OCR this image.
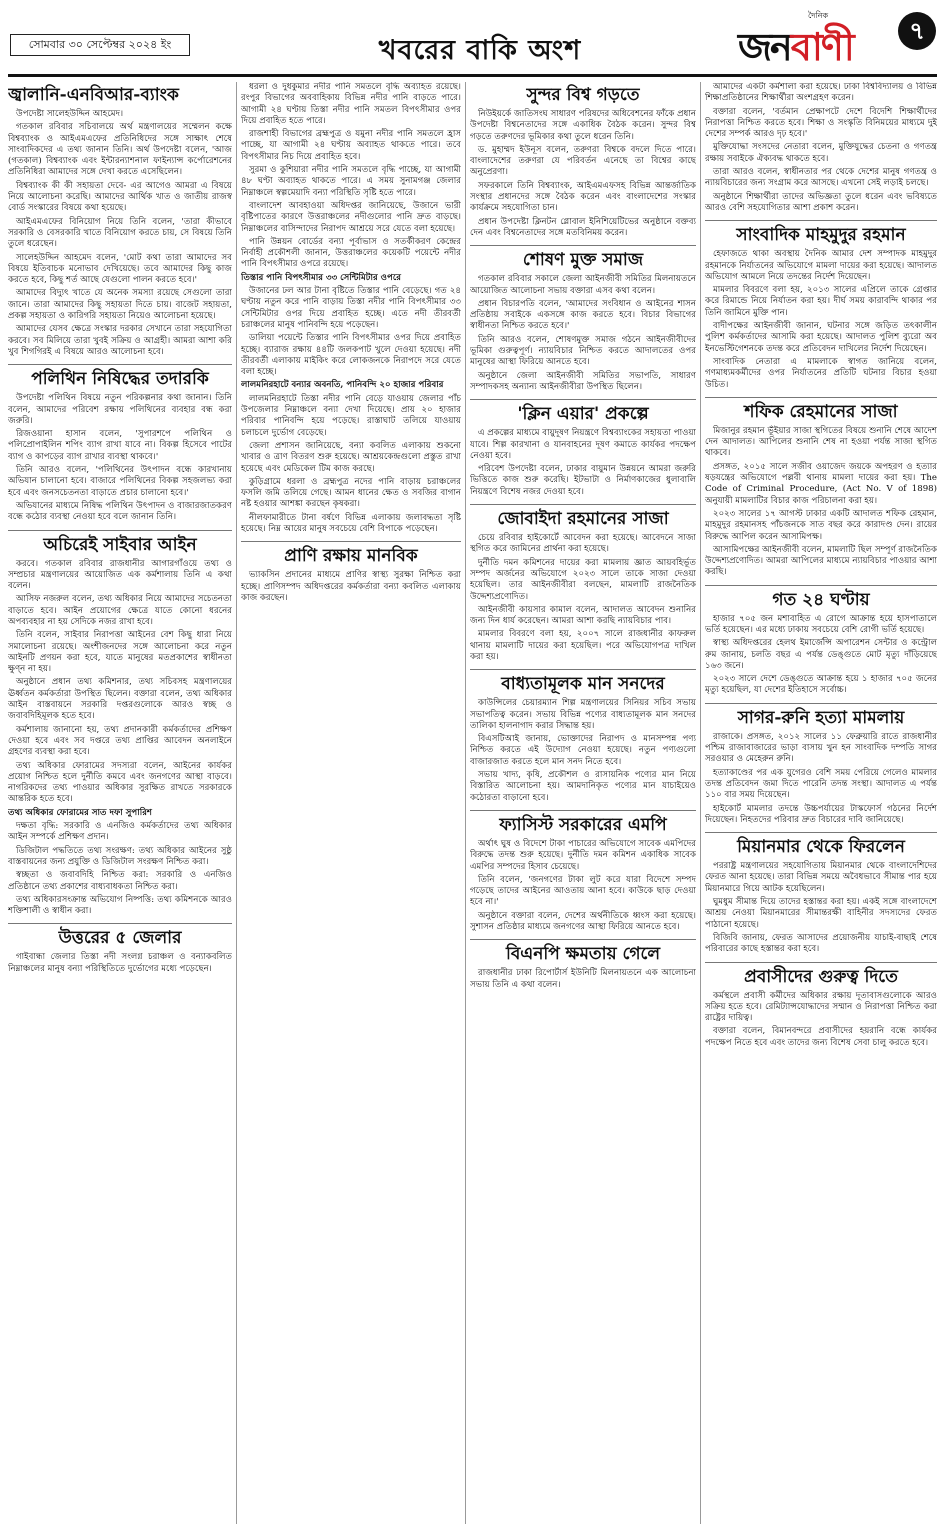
সোমবার ৩০ সেপ্টেম্বর ২০২৪ ইং	খবরের বাকি অংশ
দৈনিক
জনবাণী	৭
জ্বালানি-এনবিআর-ব্যাংক

উপদেষ্টা সালেহউদ্দিন আহমেদ।

গতকাল রবিবার সচিবালয়ে অর্থ মন্ত্রণালয়ের সম্মেলন কক্ষে বিশ্বব্যাংক ও আইএমএফের প্রতিনিধিদের সঙ্গে সাক্ষাৎ শেষে সাংবাদিকদের এ তথ্য জানান তিনি। অর্থ উপদেষ্টা বলেন, 'আজ (গতকাল) বিশ্বব্যাংক এবং ইন্টারন্যাশনাল ফাইন্যান্স কর্পোরেশনের প্রতিনিধিরা আমাদের সঙ্গে দেখা করতে এসেছিলেন।

বিশ্বব্যাংক কী কী সহায়তা দেবে- এর আগেও আমরা এ বিষয়ে নিয়ে আলোচনা করেছি। আমাদের আর্থিক খাত ও জাতীয় রাজস্ব বোর্ড সংস্কারের বিষয়ে কথা হয়েছে।

আইএমএফের বিনিয়োগ নিয়ে তিনি বলেন, 'তারা কীভাবে সরকারি ও বেসরকারি খাতে বিনিয়োগ করতে চায়, সে বিষয়ে তিনি তুলে ধরেছেন।

সালেহউদ্দিন আহমেদ বলেন, 'মোট কথা তারা আমাদের সব বিষয়ে ইতিবাচক মনোভাব দেখিয়েছে। তবে আমাদের কিছু কাজ করতে হবে, কিছু শর্ত আছে যেগুলো পালন করতে হবে।'

আমাদের বিদ্যুৎ খাতে যে অনেক সমস্যা রয়েছে সেগুলো তারা জানে। তারা আমাদের কিছু সহায়তা দিতে চায়। বাজেট সহায়তা, প্রকল্প সহায়তা ও কারিগরি সহায়তা নিয়েও আলোচনা হয়েছে।

আমাদের যেসব ক্ষেত্রে সংস্কার দরকার সেখানে তারা সহযোগিতা করবে। সব মিলিয়ে তারা খুবই সক্রিয় ও আগ্রহী। আমরা আশা করি খুব শিগগিরই এ বিষয়ে আরও আলোচনা হবে।

পলিথিন নিষিদ্ধের তদারকি

উপদেষ্টা পলিথিন বিষয়ে নতুন পরিকল্পনার কথা জানান। তিনি বলেন, আমাদের পরিবেশ রক্ষায় পলিথিনের ব্যবহার বন্ধ করা জরুরি।

রিজওয়ানা হাসান বলেন, 'সুপারশপে পলিথিন ও পলিপ্রোপাইলিন শপিং ব্যাগ রাখা যাবে না। বিকল্প হিসেবে পাটের ব্যাগ ও কাপড়ের ব্যাগ রাখার ব্যবস্থা থাকবে।'

তিনি আরও বলেন, 'পলিথিনের উৎপাদন বন্ধে কারখানায় অভিযান চালানো হবে। বাজারে পলিথিনের বিকল্প সহজলভ্য করা হবে এবং জনসচেতনতা বাড়াতে প্রচার চালানো হবে।'

অভিযানের মাধ্যমে নিষিদ্ধ পলিথিন উৎপাদন ও বাজারজাতকরণ বন্ধে কঠোর ব্যবস্থা নেওয়া হবে বলে জানান তিনি।

অচিরেই সাইবার আইন

করবে। গতকাল রবিবার রাজধানীর আগারগাঁওয়ে তথ্য ও সম্প্রচার মন্ত্রণালয়ের আয়োজিত এক কর্মশালায় তিনি এ কথা বলেন।

আসিফ নজরুল বলেন, তথ্য অধিকার নিয়ে আমাদের সচেতনতা বাড়াতে হবে। আইন প্রয়োগের ক্ষেত্রে যাতে কোনো ধরনের অপব্যবহার না হয় সেদিকে নজর রাখা হবে।

তিনি বলেন, সাইবার নিরাপত্তা আইনের বেশ কিছু ধারা নিয়ে সমালোচনা রয়েছে। অংশীজনদের সঙ্গে আলোচনা করে নতুন আইনটি প্রণয়ন করা হবে, যাতে মানুষের মতপ্রকাশের স্বাধীনতা ক্ষুণ্ন না হয়।

অনুষ্ঠানে প্রধান তথ্য কমিশনার, তথ্য সচিবসহ মন্ত্রণালয়ের ঊর্ধ্বতন কর্মকর্তারা উপস্থিত ছিলেন। বক্তারা বলেন, তথ্য অধিকার আইন বাস্তবায়নে সরকারি দপ্তরগুলোকে আরও স্বচ্ছ ও জবাবদিহিমূলক হতে হবে।

কর্মশালায় জানানো হয়, তথ্য প্রদানকারী কর্মকর্তাদের প্রশিক্ষণ দেওয়া হবে এবং সব দপ্তরে তথ্য প্রাপ্তির আবেদন অনলাইনে গ্রহণের ব্যবস্থা করা হবে।

তথ্য অধিকার ফোরামের সদস্যরা বলেন, আইনের কার্যকর প্রয়োগ নিশ্চিত হলে দুর্নীতি কমবে এবং জনগণের আস্থা বাড়বে। নাগরিকদের তথ্য পাওয়ার অধিকার সুরক্ষিত রাখতে সরকারকে আন্তরিক হতে হবে।

তথ্য অধিকার ফোরামের সাত দফা সুপারিশ

দক্ষতা বৃদ্ধি: সরকারি ও এনজিও কর্মকর্তাদের তথ্য অধিকার আইন সম্পর্কে প্রশিক্ষণ প্রদান।

ডিজিটাল পদ্ধতিতে তথ্য সংরক্ষণ: তথ্য অধিকার আইনের সুষ্ঠু বাস্তবায়নের জন্য প্রযুক্তি ও ডিজিটাল সংরক্ষণ নিশ্চিত করা।

স্বচ্ছতা ও জবাবদিহি নিশ্চিত করা: সরকারি ও এনজিও প্রতিষ্ঠানে তথ্য প্রকাশের বাধ্যবাধকতা নিশ্চিত করা।

তথ্য অধিকারসংক্রান্ত অভিযোগ নিষ্পত্তি: তথ্য কমিশনকে আরও শক্তিশালী ও স্বাধীন করা।

উত্তরের ৫ জেলার

গাইবান্ধা জেলার তিস্তা নদী সংলগ্ন চরাঞ্চল ও বন্যাকবলিত নিম্নাঞ্চলের মানুষ বন্যা পরিস্থিতিতে দুর্ভোগের মধ্যে পড়েছেন।

ধরলা ও দুধকুমার নদীর পানি সমতলে বৃদ্ধি অব্যাহত রয়েছে। রংপুর বিভাগের অববাহিকায় বিভিন্ন নদীর পানি বাড়তে পারে। আগামী ২৪ ঘণ্টায় তিস্তা নদীর পানি সমতল বিপৎসীমার ওপর দিয়ে প্রবাহিত হতে পারে।

রাজশাহী বিভাগের ব্রহ্মপুত্র ও যমুনা নদীর পানি সমতলে হ্রাস পাচ্ছে, যা আগামী ২৪ ঘণ্টায় অব্যাহত থাকতে পারে। তবে বিপৎসীমার নিচ দিয়ে প্রবাহিত হবে।

সুরমা ও কুশিয়ারা নদীর পানি সমতলে বৃদ্ধি পাচ্ছে, যা আগামী ৪৮ ঘণ্টা অব্যাহত থাকতে পারে। এ সময় সুনামগঞ্জ জেলার নিম্নাঞ্চলে স্বল্পমেয়াদি বন্যা পরিস্থিতি সৃষ্টি হতে পারে।

বাংলাদেশ আবহাওয়া অধিদপ্তর জানিয়েছে, উজানে ভারী বৃষ্টিপাতের কারণে উত্তরাঞ্চলের নদীগুলোর পানি দ্রুত বাড়ছে। নিম্নাঞ্চলের বাসিন্দাদের নিরাপদ আশ্রয়ে সরে যেতে বলা হয়েছে।

পানি উন্নয়ন বোর্ডের বন্যা পূর্বাভাস ও সতর্কীকরণ কেন্দ্রের নির্বাহী প্রকৌশলী জানান, উত্তরাঞ্চলের কয়েকটি পয়েন্টে নদীর পানি বিপৎসীমার ওপরে রয়েছে।

তিস্তার পানি বিপৎসীমার ৩৩ সেন্টিমিটার ওপরে

উজানের ঢল আর টানা বৃষ্টিতে তিস্তার পানি বেড়েছে। গত ২৪ ঘণ্টায় নতুন করে পানি বাড়ায় তিস্তা নদীর পানি বিপৎসীমার ৩৩ সেন্টিমিটার ওপর দিয়ে প্রবাহিত হচ্ছে। এতে নদী তীরবর্তী চরাঞ্চলের মানুষ পানিবন্দি হয়ে পড়েছেন।

ডালিয়া পয়েন্টে তিস্তার পানি বিপৎসীমার ওপর দিয়ে প্রবাহিত হচ্ছে। ব্যারাজ রক্ষায় ৪৪টি জলকপাট খুলে দেওয়া হয়েছে। নদী তীরবর্তী এলাকায় মাইকিং করে লোকজনকে নিরাপদে সরে যেতে বলা হচ্ছে।

লালমনিরহাটে বন্যার অবনতি, পানিবন্দি ২০ হাজার পরিবার

লালমনিরহাটে তিস্তা নদীর পানি বেড়ে যাওয়ায় জেলার পাঁচ উপজেলার নিম্নাঞ্চলে বন্যা দেখা দিয়েছে। প্রায় ২০ হাজার পরিবার পানিবন্দি হয়ে পড়েছে। রাস্তাঘাট তলিয়ে যাওয়ায় চলাচলে দুর্ভোগ বেড়েছে।

জেলা প্রশাসন জানিয়েছে, বন্যা কবলিত এলাকায় শুকনো খাবার ও ত্রাণ বিতরণ শুরু হয়েছে। আশ্রয়কেন্দ্রগুলো প্রস্তুত রাখা হয়েছে এবং মেডিকেল টিম কাজ করছে।

কুড়িগ্রামে ধরলা ও ব্রহ্মপুত্র নদের পানি বাড়ায় চরাঞ্চলের ফসলি জমি তলিয়ে গেছে। আমন ধানের ক্ষেত ও সবজির বাগান নষ্ট হওয়ার আশঙ্কা করছেন কৃষকরা।

নীলফামারীতে টানা বর্ষণে বিভিন্ন এলাকায় জলাবদ্ধতা সৃষ্টি হয়েছে। নিম্ন আয়ের মানুষ সবচেয়ে বেশি বিপাকে পড়েছেন।

প্রাণি রক্ষায় মানবিক

ভ্যাকসিন প্রদানের মাধ্যমে প্রাণির স্বাস্থ্য সুরক্ষা নিশ্চিত করা হচ্ছে। প্রাণিসম্পদ অধিদপ্তরের কর্মকর্তারা বন্যা কবলিত এলাকায় কাজ করছেন।

সুন্দর বিশ্ব গড়তে

নিউইয়র্কে জাতিসংঘ সাধারণ পরিষদের অধিবেশনের ফাঁকে প্রধান উপদেষ্টা বিশ্বনেতাদের সঙ্গে একাধিক বৈঠক করেন। সুন্দর বিশ্ব গড়তে তরুণদের ভূমিকার কথা তুলে ধরেন তিনি।

ড. মুহাম্মদ ইউনূস বলেন, তরুণরা বিশ্বকে বদলে দিতে পারে। বাংলাদেশের তরুণরা যে পরিবর্তন এনেছে তা বিশ্বের কাছে অনুপ্রেরণা।

সফরকালে তিনি বিশ্বব্যাংক, আইএমএফসহ বিভিন্ন আন্তর্জাতিক সংস্থার প্রধানদের সঙ্গে বৈঠক করেন এবং বাংলাদেশের সংস্কার কার্যক্রমে সহযোগিতা চান।

প্রধান উপদেষ্টা ক্লিনটন গ্লোবাল ইনিশিয়েটিভের অনুষ্ঠানে বক্তব্য দেন এবং বিশ্বনেতাদের সঙ্গে মতবিনিময় করেন।

শোষণ মুক্ত সমাজ

গতকাল রবিবার সকালে জেলা আইনজীবী সমিতির মিলনায়তনে আয়োজিত আলোচনা সভায় বক্তারা এসব কথা বলেন।

প্রধান বিচারপতি বলেন, 'আমাদের সংবিধান ও আইনের শাসন প্রতিষ্ঠায় সবাইকে একসঙ্গে কাজ করতে হবে। বিচার বিভাগের স্বাধীনতা নিশ্চিত করতে হবে।'

তিনি আরও বলেন, শোষণমুক্ত সমাজ গঠনে আইনজীবীদের ভূমিকা গুরুত্বপূর্ণ। ন্যায়বিচার নিশ্চিত করতে আদালতের ওপর মানুষের আস্থা ফিরিয়ে আনতে হবে।

অনুষ্ঠানে জেলা আইনজীবী সমিতির সভাপতি, সাধারণ সম্পাদকসহ অন্যান্য আইনজীবীরা উপস্থিত ছিলেন।

'ক্লিন এয়ার' প্রকল্পে

এ প্রকল্পের মাধ্যমে বায়ুদূষণ নিয়ন্ত্রণে বিশ্বব্যাংকের সহায়তা পাওয়া যাবে। শিল্প কারখানা ও যানবাহনের দূষণ কমাতে কার্যকর পদক্ষেপ নেওয়া হবে।

পরিবেশ উপদেষ্টা বলেন, ঢাকার বায়ুমান উন্নয়নে আমরা জরুরি ভিত্তিতে কাজ শুরু করেছি। ইটভাটা ও নির্মাণকাজের ধুলাবালি নিয়ন্ত্রণে বিশেষ নজর দেওয়া হবে।

জোবাইদা রহমানের সাজা

চেয়ে রবিবার হাইকোর্টে আবেদন করা হয়েছে। আবেদনে সাজা স্থগিত করে জামিনের প্রার্থনা করা হয়েছে।

দুর্নীতি দমন কমিশনের দায়ের করা মামলায় জ্ঞাত আয়বহির্ভূত সম্পদ অর্জনের অভিযোগে ২০২৩ সালে তাকে সাজা দেওয়া হয়েছিল। তার আইনজীবীরা বলছেন, মামলাটি রাজনৈতিক উদ্দেশ্যপ্রণোদিত।

আইনজীবী কায়সার কামাল বলেন, আদালত আবেদন শুনানির জন্য দিন ধার্য করেছেন। আমরা আশা করছি ন্যায়বিচার পাব।

মামলার বিবরণে বলা হয়, ২০০৭ সালে রাজধানীর কাফরুল থানায় মামলাটি দায়ের করা হয়েছিল। পরে অভিযোগপত্র দাখিল করা হয়।

বাধ্যতামূলক মান সনদের

কাউন্সিলের চেয়ারম্যান শিল্প মন্ত্রণালয়ের সিনিয়র সচিব সভায় সভাপতিত্ব করেন। সভায় বিভিন্ন পণ্যের বাধ্যতামূলক মান সনদের তালিকা হালনাগাদ করার সিদ্ধান্ত হয়।

বিএসটিআই জানায়, ভোক্তাদের নিরাপদ ও মানসম্পন্ন পণ্য নিশ্চিত করতে এই উদ্যোগ নেওয়া হয়েছে। নতুন পণ্যগুলো বাজারজাত করতে হলে মান সনদ নিতে হবে।

সভায় খাদ্য, কৃষি, প্রকৌশল ও রাসায়নিক পণ্যের মান নিয়ে বিস্তারিত আলোচনা হয়। আমদানিকৃত পণ্যের মান যাচাইয়েও কঠোরতা বাড়ানো হবে।

ফ্যাসিস্ট সরকারের এমপি

অর্থাৎ ঘুষ ও বিদেশে টাকা পাচারের অভিযোগে সাবেক এমপিদের বিরুদ্ধে তদন্ত শুরু হয়েছে। দুর্নীতি দমন কমিশন একাধিক সাবেক এমপির সম্পদের হিসাব চেয়েছে।

তিনি বলেন, 'জনগণের টাকা লুট করে যারা বিদেশে সম্পদ গড়েছে তাদের আইনের আওতায় আনা হবে। কাউকে ছাড় দেওয়া হবে না।'

অনুষ্ঠানে বক্তারা বলেন, দেশের অর্থনীতিকে ধ্বংস করা হয়েছে। সুশাসন প্রতিষ্ঠার মাধ্যমে জনগণের আস্থা ফিরিয়ে আনতে হবে।

বিএনপি ক্ষমতায় গেলে

রাজধানীর ঢাকা রিপোর্টার্স ইউনিটি মিলনায়তনে এক আলোচনা সভায় তিনি এ কথা বলেন।

আমাদের একটা কর্মশালা করা হয়েছে। ঢাকা বিশ্ববিদ্যালয় ও বিভিন্ন শিক্ষাপ্রতিষ্ঠানের শিক্ষার্থীরা অংশগ্রহণ করেন।

বক্তারা বলেন, 'বর্তমান প্রেক্ষাপটে দেশে বিদেশি শিক্ষার্থীদের নিরাপত্তা নিশ্চিত করতে হবে। শিক্ষা ও সংস্কৃতি বিনিময়ের মাধ্যমে দুই দেশের সম্পর্ক আরও দৃঢ় হবে।'

মুক্তিযোদ্ধা সংসদের নেতারা বলেন, মুক্তিযুদ্ধের চেতনা ও গণতন্ত্র রক্ষায় সবাইকে ঐক্যবদ্ধ থাকতে হবে।

তারা আরও বলেন, স্বাধীনতার পর থেকে দেশের মানুষ গণতন্ত্র ও ন্যায়বিচারের জন্য সংগ্রাম করে আসছে। এখনো সেই লড়াই চলছে।

অনুষ্ঠানে শিক্ষার্থীরা তাদের অভিজ্ঞতা তুলে ধরেন এবং ভবিষ্যতে আরও বেশি সহযোগিতার আশা প্রকাশ করেন।

সাংবাদিক মাহমুদুর রহমান

হেফাজতে থাকা অবস্থায় দৈনিক আমার দেশ সম্পাদক মাহমুদুর রহমানকে নির্যাতনের অভিযোগে মামলা দায়ের করা হয়েছে। আদালত অভিযোগ আমলে নিয়ে তদন্তের নির্দেশ দিয়েছেন।

মামলার বিবরণে বলা হয়, ২০১৩ সালের এপ্রিলে তাকে গ্রেপ্তার করে রিমান্ডে নিয়ে নির্যাতন করা হয়। দীর্ঘ সময় কারাবন্দি থাকার পর তিনি জামিনে মুক্তি পান।

বাদীপক্ষের আইনজীবী জানান, ঘটনার সঙ্গে জড়িত তৎকালীন পুলিশ কর্মকর্তাদের আসামি করা হয়েছে। আদালত পুলিশ ব্যুরো অব ইনভেস্টিগেশনকে তদন্ত করে প্রতিবেদন দাখিলের নির্দেশ দিয়েছেন।

সাংবাদিক নেতারা এ মামলাকে স্বাগত জানিয়ে বলেন, গণমাধ্যমকর্মীদের ওপর নির্যাতনের প্রতিটি ঘটনার বিচার হওয়া উচিত।

শফিক রেহমানের সাজা

মিজানুর রহমান ভূঁইয়ার সাজা স্থগিতের বিষয়ে শুনানি শেষে আদেশ দেন আদালত। আপিলের শুনানি শেষ না হওয়া পর্যন্ত সাজা স্থগিত থাকবে।

প্রসঙ্গত, ২০১৫ সালে সজীব ওয়াজেদ জয়কে অপহরণ ও হত্যার ষড়যন্ত্রের অভিযোগে পল্লবী থানায় মামলা দায়ের করা হয়। The Code of Criminal Procedure, (Act No. V of 1898) অনুযায়ী মামলাটির বিচার কাজ পরিচালনা করা হয়।

২০২৩ সালের ১৭ আগস্ট ঢাকার একটি আদালত শফিক রেহমান, মাহমুদুর রহমানসহ পাঁচজনকে সাত বছর করে কারাদণ্ড দেন। রায়ের বিরুদ্ধে আপিল করেন আসামিপক্ষ।

আসামিপক্ষের আইনজীবী বলেন, মামলাটি ছিল সম্পূর্ণ রাজনৈতিক উদ্দেশ্যপ্রণোদিত। আমরা আপিলের মাধ্যমে ন্যায়বিচার পাওয়ার আশা করছি।

গত ২৪ ঘণ্টায়

হাজার ৭০৫ জন মশাবাহিত এ রোগে আক্রান্ত হয়ে হাসপাতালে ভর্তি হয়েছেন। এর মধ্যে ঢাকায় সবচেয়ে বেশি রোগী ভর্তি হয়েছে।

স্বাস্থ্য অধিদপ্তরের হেলথ ইমার্জেন্সি অপারেশন সেন্টার ও কন্ট্রোল রুম জানায়, চলতি বছর এ পর্যন্ত ডেঙ্গুতে মোট মৃত্যু দাঁড়িয়েছে ১৬৩ জনে।

২০২৩ সালে দেশে ডেঙ্গুতে আক্রান্ত হয়ে ১ হাজার ৭০৫ জনের মৃত্যু হয়েছিল, যা দেশের ইতিহাসে সর্বোচ্চ।

সাগর-রুনি হত্যা মামলায়

রাজাকে। প্রসঙ্গত, ২০১২ সালের ১১ ফেব্রুয়ারি রাতে রাজধানীর পশ্চিম রাজাবাজারের ভাড়া বাসায় খুন হন সাংবাদিক দম্পতি সাগর সরওয়ার ও মেহেরুন রুনি।

হত্যাকাণ্ডের পর এক যুগেরও বেশি সময় পেরিয়ে গেলেও মামলার তদন্ত প্রতিবেদন জমা দিতে পারেনি তদন্ত সংস্থা। আদালত এ পর্যন্ত ১১০ বার সময় দিয়েছেন।

হাইকোর্ট মামলার তদন্তে উচ্চপর্যায়ের টাস্কফোর্স গঠনের নির্দেশ দিয়েছেন। নিহতদের পরিবার দ্রুত বিচারের দাবি জানিয়েছে।

মিয়ানমার থেকে ফিরলেন

পররাষ্ট্র মন্ত্রণালয়ের সহযোগিতায় মিয়ানমার থেকে বাংলাদেশিদের ফেরত আনা হয়েছে। তারা বিভিন্ন সময়ে অবৈধভাবে সীমান্ত পার হয়ে মিয়ানমারে গিয়ে আটক হয়েছিলেন।

ঘুমধুম সীমান্ত দিয়ে তাদের হস্তান্তর করা হয়। একই সঙ্গে বাংলাদেশে আশ্রয় নেওয়া মিয়ানমারের সীমান্তরক্ষী বাহিনীর সদস্যদের ফেরত পাঠানো হয়েছে।

বিজিবি জানায়, ফেরত আসাদের প্রয়োজনীয় যাচাই-বাছাই শেষে পরিবারের কাছে হস্তান্তর করা হবে।

প্রবাসীদের গুরুত্ব দিতে

কর্মস্থলে প্রবাসী কর্মীদের অধিকার রক্ষায় দূতাবাসগুলোকে আরও সক্রিয় হতে হবে। রেমিট্যান্সযোদ্ধাদের সম্মান ও নিরাপত্তা নিশ্চিত করা রাষ্ট্রের দায়িত্ব।

বক্তারা বলেন, বিমানবন্দরে প্রবাসীদের হয়রানি বন্ধে কার্যকর পদক্ষেপ নিতে হবে এবং তাদের জন্য বিশেষ সেবা চালু করতে হবে।
